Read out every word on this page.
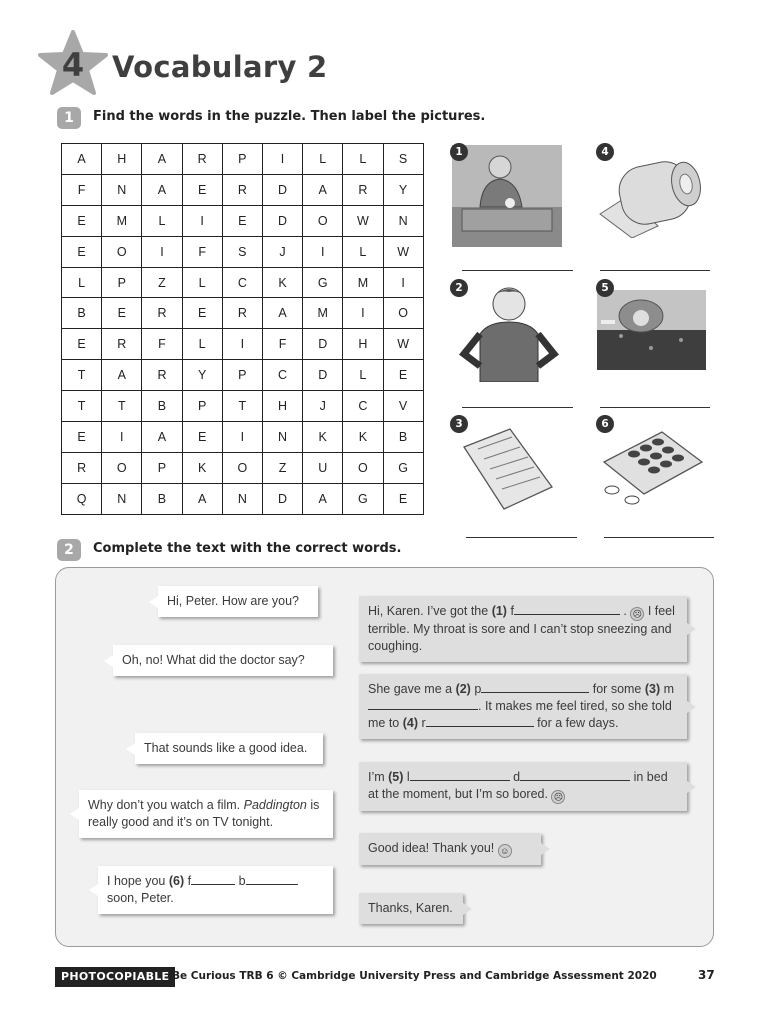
4 Vocabulary 2
1	Find the words in the puzzle. Then label the pictures.
A	H	A	R	P	I	L	L	S
F	N	A	E	R	D	A	R	Y
E	M	L	I	E	D	O	W	N
E	O	I	F	S	J	I	L	W
L	P	Z	L	C	K	G	M	I
B	E	R	E	R	A	M	I	O
E	R	F	L	I	F	D	H	W
T	A	R	Y	P	C	D	L	E
T	T	B	P	T	H	J	C	V
E	I	A	E	I	N	K	K	B
R	O	P	K	O	Z	U	O	G
Q	N	B	A	N	D	A	G	E
1
2
3
4
5
6
2	Complete the text with the correct words.
Hi, Peter. How are you?
Oh, no! What did the doctor say?
That sounds like a good idea.
Why don’t you watch a film. Paddington is really good and it’s on TV tonight.
I hope you (6) f	b soon, Peter.
Hi, Karen. I’ve got the (1) f	. ☹ I feel terrible. My throat is sore and I can’t stop sneezing and coughing.
She gave me a (2) p	for some (3) m. It makes me feel tired, so she told me to (4) r	for a few days.
I’m (5) l	d	in bed at the moment, but I’m so bored. ☹
Good idea! Thank you! ☺
Thanks, Karen.
PHOTOCOPIABLE Be Curious TRB 6 © Cambridge University Press and Cambridge Assessment 2020	37
